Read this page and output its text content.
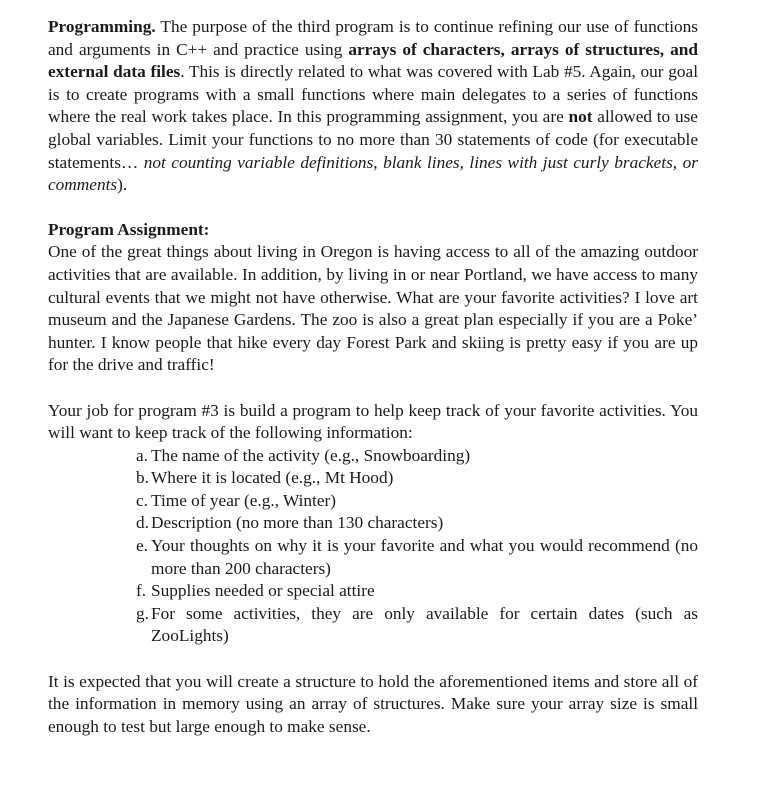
Programming. The purpose of the third program is to continue refining our use of functions and arguments in C++ and practice using arrays of characters, arrays of structures, and external data files. This is directly related to what was covered with Lab #5. Again, our goal is to create programs with a small functions where main delegates to a series of functions where the real work takes place. In this programming assignment, you are not allowed to use global variables. Limit your functions to no more than 30 statements of code (for executable statements… not counting variable definitions, blank lines, lines with just curly brackets, or comments).

Program Assignment:

One of the great things about living in Oregon is having access to all of the amazing outdoor activities that are available. In addition, by living in or near Portland, we have access to many cultural events that we might not have otherwise. What are your favorite activities? I love art museum and the Japanese Gardens. The zoo is also a great plan especially if you are a Poke’ hunter. I know people that hike every day Forest Park and skiing is pretty easy if you are up for the drive and traffic!

Your job for program #3 is build a program to help keep track of your favorite activities. You will want to keep track of the following information:

a. The name of the activity (e.g., Snowboarding)
b. Where it is located (e.g., Mt Hood)
c. Time of year (e.g., Winter)
d. Description (no more than 130 characters)
e. Your thoughts on why it is your favorite and what you would recommend (no more than 200 characters)
f. Supplies needed or special attire
g. For some activities, they are only available for certain dates (such as ZooLights)

It is expected that you will create a structure to hold the aforementioned items and store all of the information in memory using an array of structures. Make sure your array size is small enough to test but large enough to make sense.
